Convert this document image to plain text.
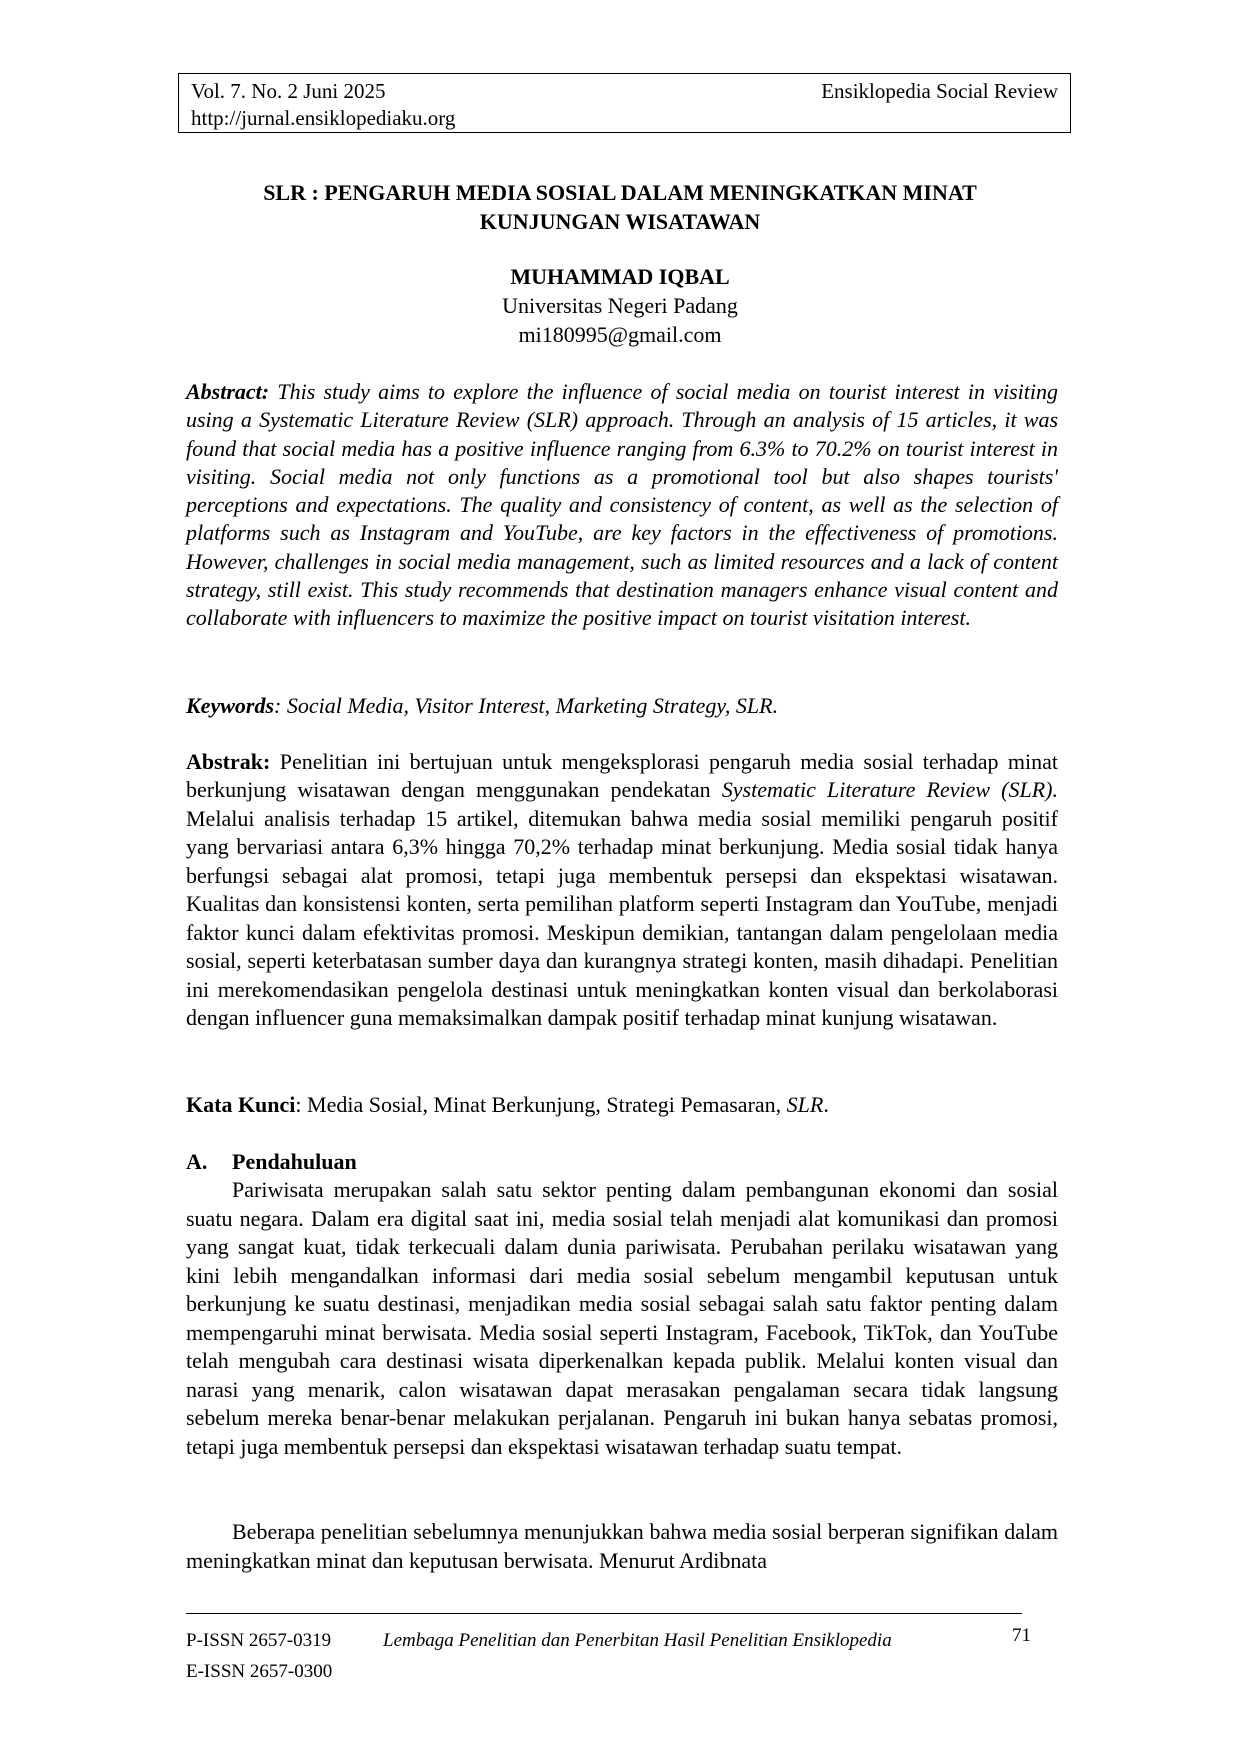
Vol. 7. No. 2 Juni 2025
http://jurnal.ensiklopediaku.org
Ensiklopedia Social Review
SLR : PENGARUH MEDIA SOSIAL DALAM MENINGKATKAN MINAT
KUNJUNGAN WISATAWAN
MUHAMMAD IQBAL
Universitas Negeri Padang
mi180995@gmail.com

Abstract: This study aims to explore the influence of social media on tourist interest in visiting using a Systematic Literature Review (SLR) approach. Through an analysis of 15 articles, it was found that social media has a positive influence ranging from 6.3% to 70.2% on tourist interest in visiting. Social media not only functions as a promotional tool but also shapes tourists' perceptions and expectations. The quality and consistency of content, as well as the selection of platforms such as Instagram and YouTube, are key factors in the effectiveness of promotions. However, challenges in social media management, such as limited resources and a lack of content strategy, still exist. This study recommends that destination managers enhance visual content and collaborate with influencers to maximize the positive impact on tourist visitation interest.

Keywords: Social Media, Visitor Interest, Marketing Strategy, SLR.

Abstrak: Penelitian ini bertujuan untuk mengeksplorasi pengaruh media sosial terhadap minat berkunjung wisatawan dengan menggunakan pendekatan Systematic Literature Review (SLR). Melalui analisis terhadap 15 artikel, ditemukan bahwa media sosial memiliki pengaruh positif yang bervariasi antara 6,3% hingga 70,2% terhadap minat berkunjung. Media sosial tidak hanya berfungsi sebagai alat promosi, tetapi juga membentuk persepsi dan ekspektasi wisatawan. Kualitas dan konsistensi konten, serta pemilihan platform seperti Instagram dan YouTube, menjadi faktor kunci dalam efektivitas promosi. Meskipun demikian, tantangan dalam pengelolaan media sosial, seperti keterbatasan sumber daya dan kurangnya strategi konten, masih dihadapi. Penelitian ini merekomendasikan pengelola destinasi untuk meningkatkan konten visual dan berkolaborasi dengan influencer guna memaksimalkan dampak positif terhadap minat kunjung wisatawan.

Kata Kunci: Media Sosial, Minat Berkunjung, Strategi Pemasaran, SLR.

A. Pendahuluan

Pariwisata merupakan salah satu sektor penting dalam pembangunan ekonomi dan sosial suatu negara. Dalam era digital saat ini, media sosial telah menjadi alat komunikasi dan promosi yang sangat kuat, tidak terkecuali dalam dunia pariwisata. Perubahan perilaku wisatawan yang kini lebih mengandalkan informasi dari media sosial sebelum mengambil keputusan untuk berkunjung ke suatu destinasi, menjadikan media sosial sebagai salah satu faktor penting dalam mempengaruhi minat berwisata. Media sosial seperti Instagram, Facebook, TikTok, dan YouTube telah mengubah cara destinasi wisata diperkenalkan kepada publik. Melalui konten visual dan narasi yang menarik, calon wisatawan dapat merasakan pengalaman secara tidak langsung sebelum mereka benar-benar melakukan perjalanan. Pengaruh ini bukan hanya sebatas promosi, tetapi juga membentuk persepsi dan ekspektasi wisatawan terhadap suatu tempat.

Beberapa penelitian sebelumnya menunjukkan bahwa media sosial berperan signifikan dalam meningkatkan minat dan keputusan berwisata. Menurut Ardibnata

P-ISSN 2657-0319
E-ISSN 2657-0300
Lembaga Penelitian dan Penerbitan Hasil Penelitian Ensiklopedia	71
